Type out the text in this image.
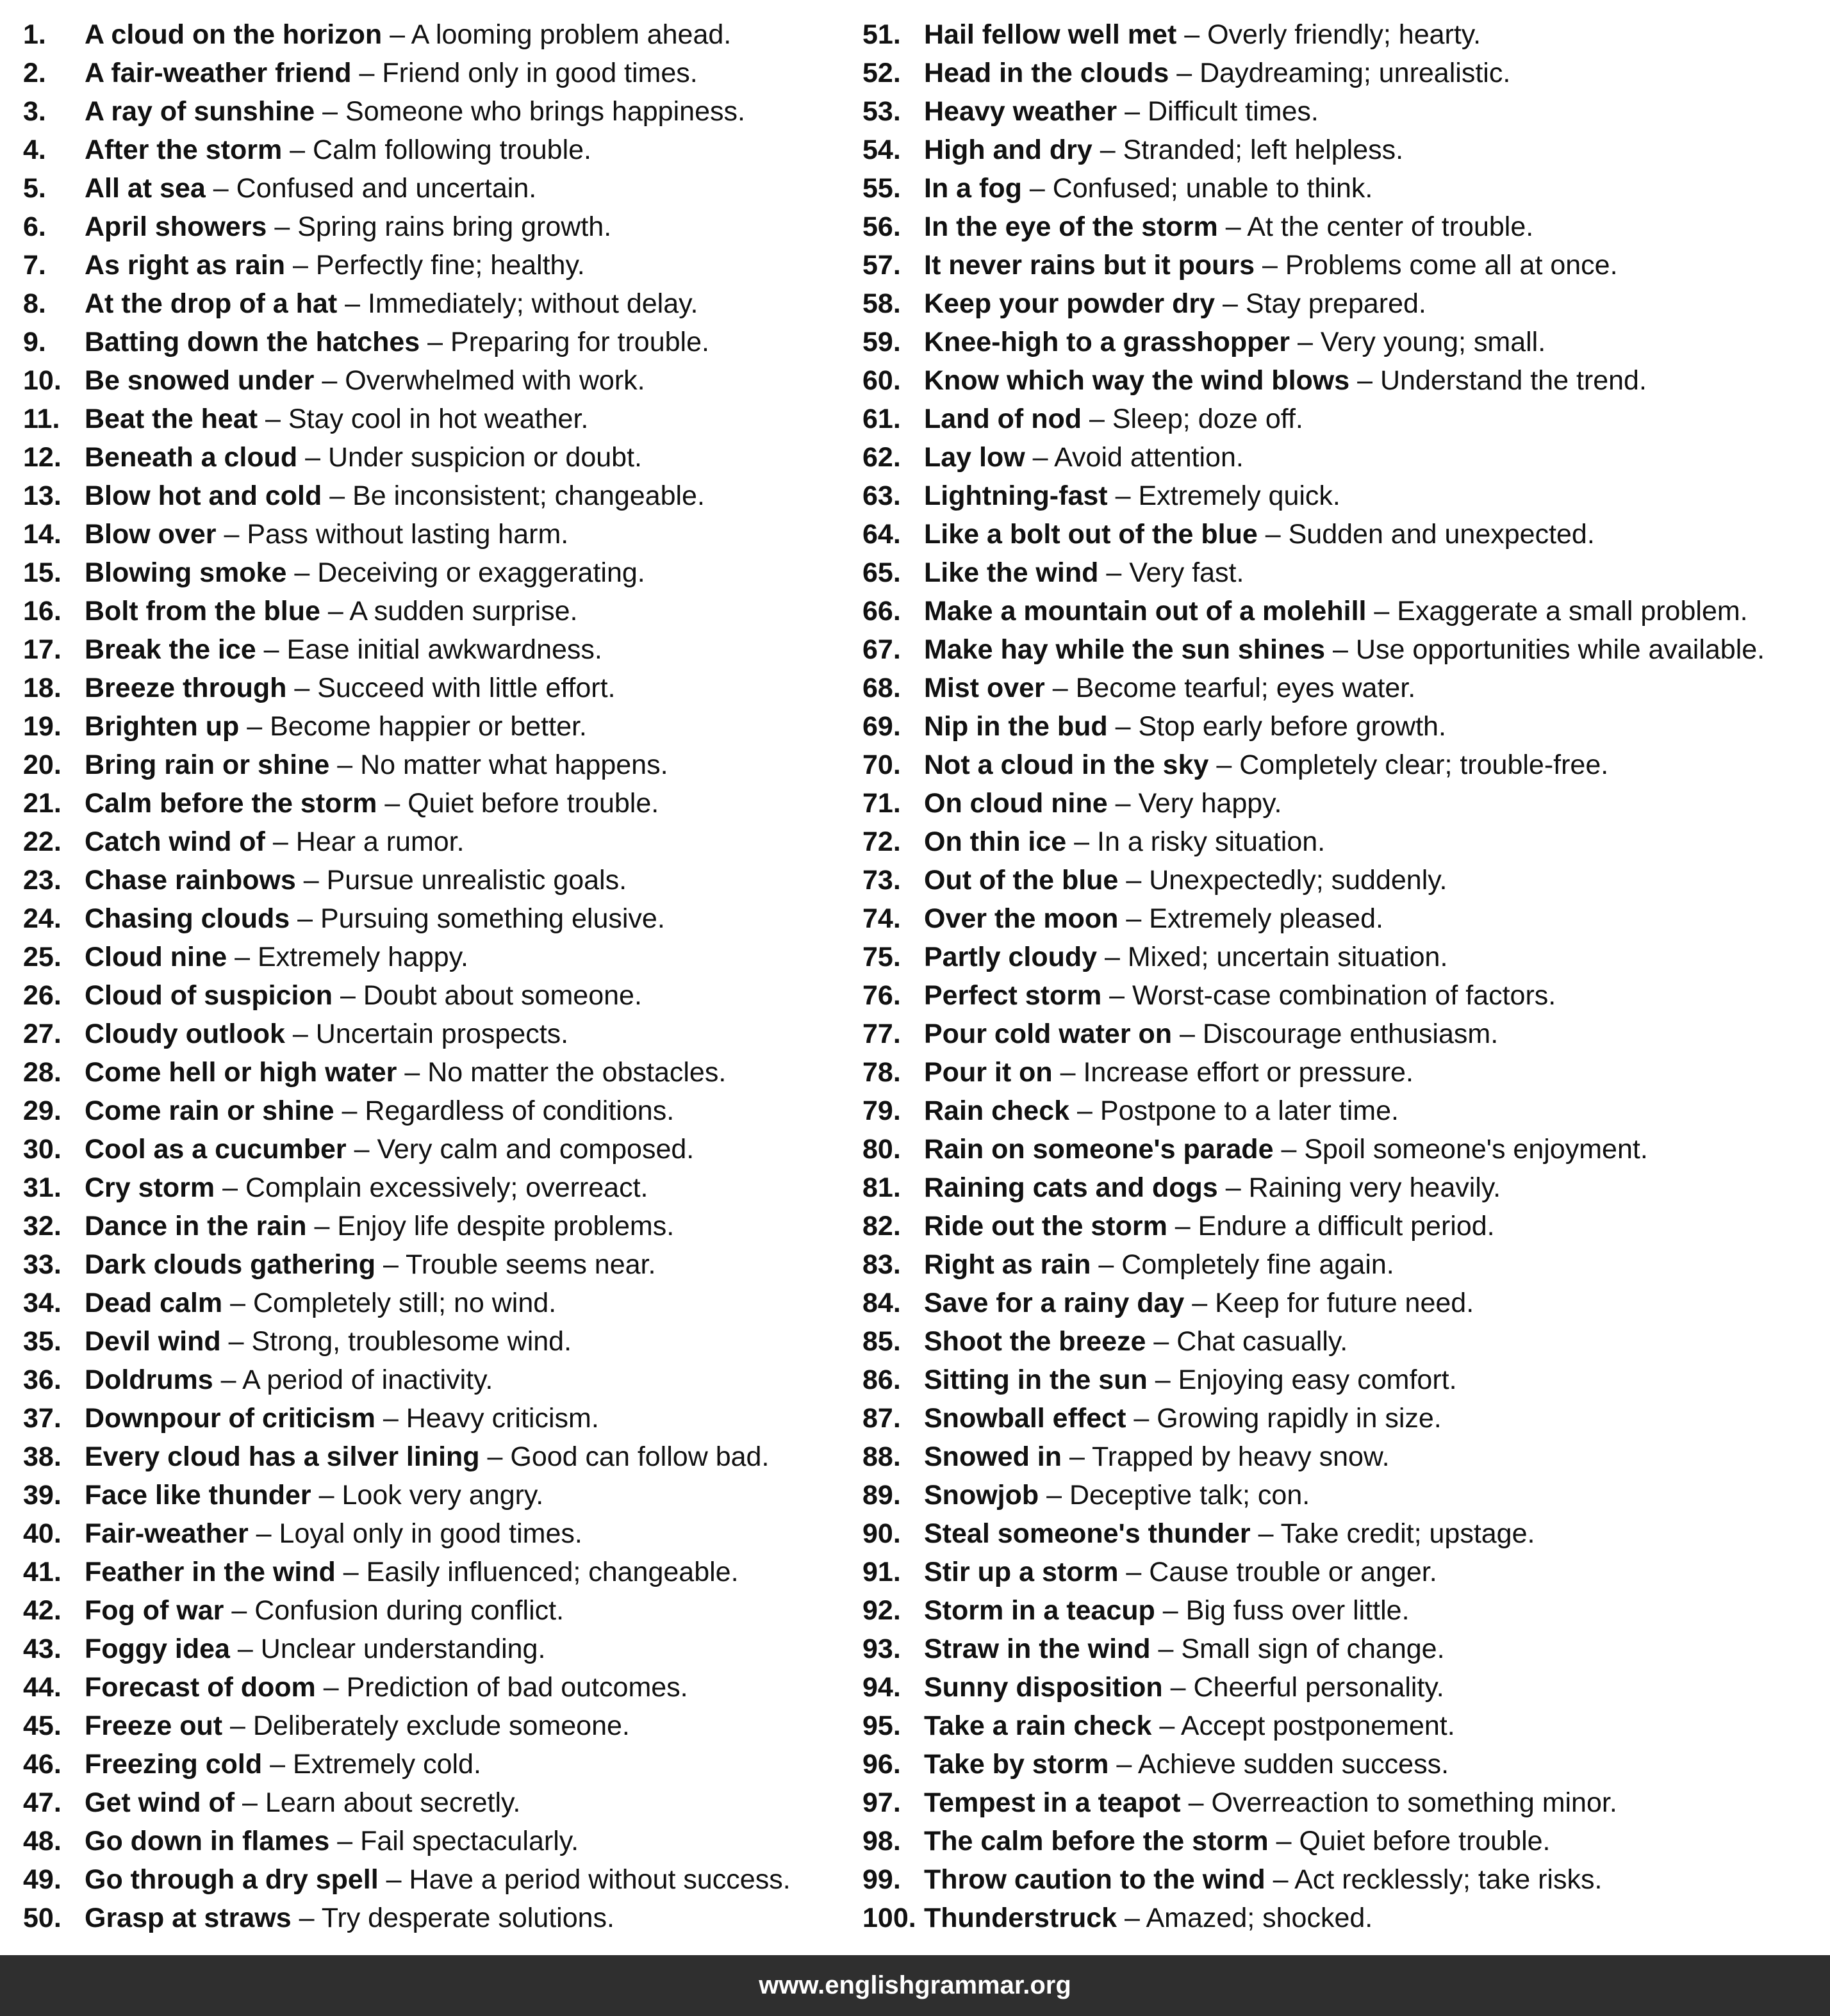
1. A cloud on the horizon – A looming problem ahead.
2. A fair-weather friend – Friend only in good times.
3. A ray of sunshine – Someone who brings happiness.
4. After the storm – Calm following trouble.
5. All at sea – Confused and uncertain.
6. April showers – Spring rains bring growth.
7. As right as rain – Perfectly fine; healthy.
8. At the drop of a hat – Immediately; without delay.
9. Batting down the hatches – Preparing for trouble.
10. Be snowed under – Overwhelmed with work.
11. Beat the heat – Stay cool in hot weather.
12. Beneath a cloud – Under suspicion or doubt.
13. Blow hot and cold – Be inconsistent; changeable.
14. Blow over – Pass without lasting harm.
15. Blowing smoke – Deceiving or exaggerating.
16. Bolt from the blue – A sudden surprise.
17. Break the ice – Ease initial awkwardness.
18. Breeze through – Succeed with little effort.
19. Brighten up – Become happier or better.
20. Bring rain or shine – No matter what happens.
21. Calm before the storm – Quiet before trouble.
22. Catch wind of – Hear a rumor.
23. Chase rainbows – Pursue unrealistic goals.
24. Chasing clouds – Pursuing something elusive.
25. Cloud nine – Extremely happy.
26. Cloud of suspicion – Doubt about someone.
27. Cloudy outlook – Uncertain prospects.
28. Come hell or high water – No matter the obstacles.
29. Come rain or shine – Regardless of conditions.
30. Cool as a cucumber – Very calm and composed.
31. Cry storm – Complain excessively; overreact.
32. Dance in the rain – Enjoy life despite problems.
33. Dark clouds gathering – Trouble seems near.
34. Dead calm – Completely still; no wind.
35. Devil wind – Strong, troublesome wind.
36. Doldrums – A period of inactivity.
37. Downpour of criticism – Heavy criticism.
38. Every cloud has a silver lining – Good can follow bad.
39. Face like thunder – Look very angry.
40. Fair-weather – Loyal only in good times.
41. Feather in the wind – Easily influenced; changeable.
42. Fog of war – Confusion during conflict.
43. Foggy idea – Unclear understanding.
44. Forecast of doom – Prediction of bad outcomes.
45. Freeze out – Deliberately exclude someone.
46. Freezing cold – Extremely cold.
47. Get wind of – Learn about secretly.
48. Go down in flames – Fail spectacularly.
49. Go through a dry spell – Have a period without success.
50. Grasp at straws – Try desperate solutions.
51. Hail fellow well met – Overly friendly; hearty.
52. Head in the clouds – Daydreaming; unrealistic.
53. Heavy weather – Difficult times.
54. High and dry – Stranded; left helpless.
55. In a fog – Confused; unable to think.
56. In the eye of the storm – At the center of trouble.
57. It never rains but it pours – Problems come all at once.
58. Keep your powder dry – Stay prepared.
59. Knee-high to a grasshopper – Very young; small.
60. Know which way the wind blows – Understand the trend.
61. Land of nod – Sleep; doze off.
62. Lay low – Avoid attention.
63. Lightning-fast – Extremely quick.
64. Like a bolt out of the blue – Sudden and unexpected.
65. Like the wind – Very fast.
66. Make a mountain out of a molehill – Exaggerate a small problem.
67. Make hay while the sun shines – Use opportunities while available.
68. Mist over – Become tearful; eyes water.
69. Nip in the bud – Stop early before growth.
70. Not a cloud in the sky – Completely clear; trouble-free.
71. On cloud nine – Very happy.
72. On thin ice – In a risky situation.
73. Out of the blue – Unexpectedly; suddenly.
74. Over the moon – Extremely pleased.
75. Partly cloudy – Mixed; uncertain situation.
76. Perfect storm – Worst-case combination of factors.
77. Pour cold water on – Discourage enthusiasm.
78. Pour it on – Increase effort or pressure.
79. Rain check – Postpone to a later time.
80. Rain on someone's parade – Spoil someone's enjoyment.
81. Raining cats and dogs – Raining very heavily.
82. Ride out the storm – Endure a difficult period.
83. Right as rain – Completely fine again.
84. Save for a rainy day – Keep for future need.
85. Shoot the breeze – Chat casually.
86. Sitting in the sun – Enjoying easy comfort.
87. Snowball effect – Growing rapidly in size.
88. Snowed in – Trapped by heavy snow.
89. Snowjob – Deceptive talk; con.
90. Steal someone's thunder – Take credit; upstage.
91. Stir up a storm – Cause trouble or anger.
92. Storm in a teacup – Big fuss over little.
93. Straw in the wind – Small sign of change.
94. Sunny disposition – Cheerful personality.
95. Take a rain check – Accept postponement.
96. Take by storm – Achieve sudden success.
97. Tempest in a teapot – Overreaction to something minor.
98. The calm before the storm – Quiet before trouble.
99. Throw caution to the wind – Act recklessly; take risks.
100. Thunderstruck – Amazed; shocked.
www.englishgrammar.org
